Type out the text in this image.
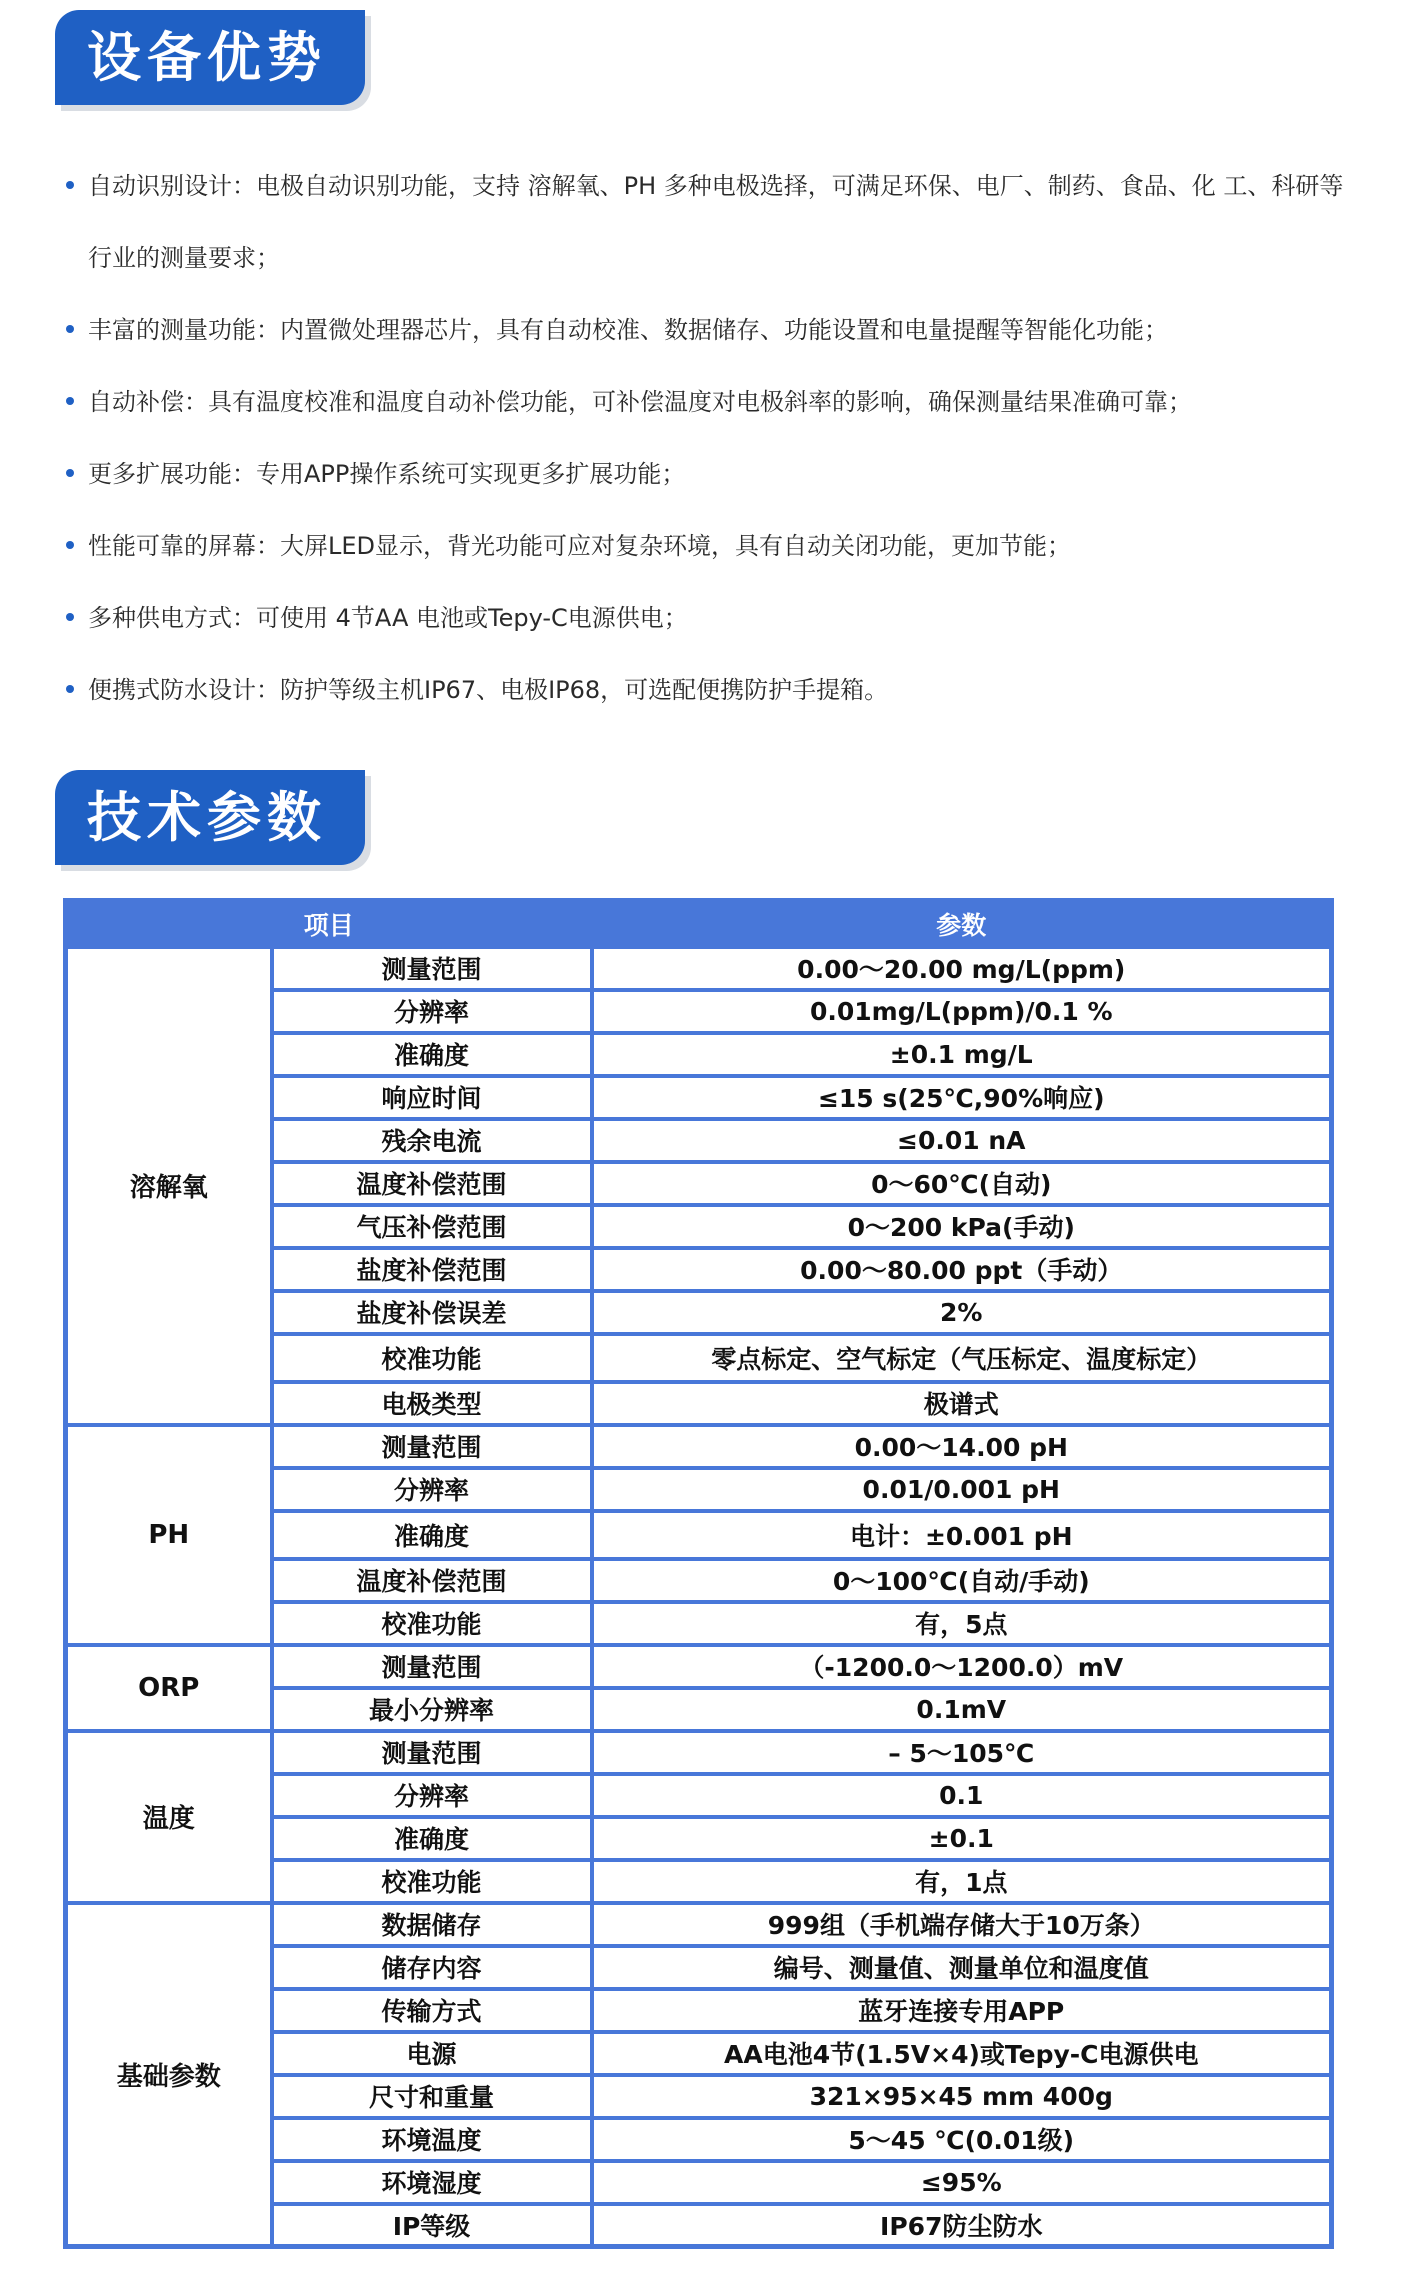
设备优势
自动识别设计：电极自动识别功能，支持 溶解氧、PH 多种电极选择，可满足环保、电厂、制药、食品、化 工、科研等行业的测量要求；
丰富的测量功能：内置微处理器芯片，具有自动校准、数据储存、功能设置和电量提醒等智能化功能；
自动补偿：具有温度校准和温度自动补偿功能，可补偿温度对电极斜率的影响，确保测量结果准确可靠；
更多扩展功能：专用APP操作系统可实现更多扩展功能；
性能可靠的屏幕：大屏LED显示，背光功能可应对复杂环境，具有自动关闭功能，更加节能；
多种供电方式：可使用 4节AA 电池或Tepy-C电源供电；
便携式防水设计：防护等级主机IP67、电极IP68，可选配便携防护手提箱。
技术参数
项目		参数
溶解氧	测量范围	0.00～20.00 mg/L(ppm)
	分辨率	0.01mg/L(ppm)/0.1 %
	准确度	±0.1 mg/L
	响应时间	≤15 s(25℃,90%响应)
	残余电流	≤0.01 nA
	温度补偿范围	0～60℃(自动)
	气压补偿范围	0～200 kPa(手动)
	盐度补偿范围	0.00～80.00 ppt（手动）
	盐度补偿误差	2%
	校准功能	零点标定、空气标定（气压标定、温度标定）
	电极类型	极谱式
PH	测量范围	0.00～14.00 pH
	分辨率	0.01/0.001 pH
	准确度	电计：±0.001 pH
	温度补偿范围	0～100℃(自动/手动)
	校准功能	有，5点
ORP	测量范围	（-1200.0～1200.0）mV
	最小分辨率	0.1mV
温度	测量范围	– 5～105℃
	分辨率	0.1
	准确度	±0.1
	校准功能	有，1点
基础参数	数据储存	999组（手机端存储大于10万条）
	储存内容	编号、测量值、测量单位和温度值
	传输方式	蓝牙连接专用APP
	电源	AA电池4节(1.5V×4)或Tepy-C电源供电
	尺寸和重量	321×95×45 mm 400g
	环境温度	5～45 ℃(0.01级)
	环境湿度	≤95%
	IP等级	IP67防尘防水
